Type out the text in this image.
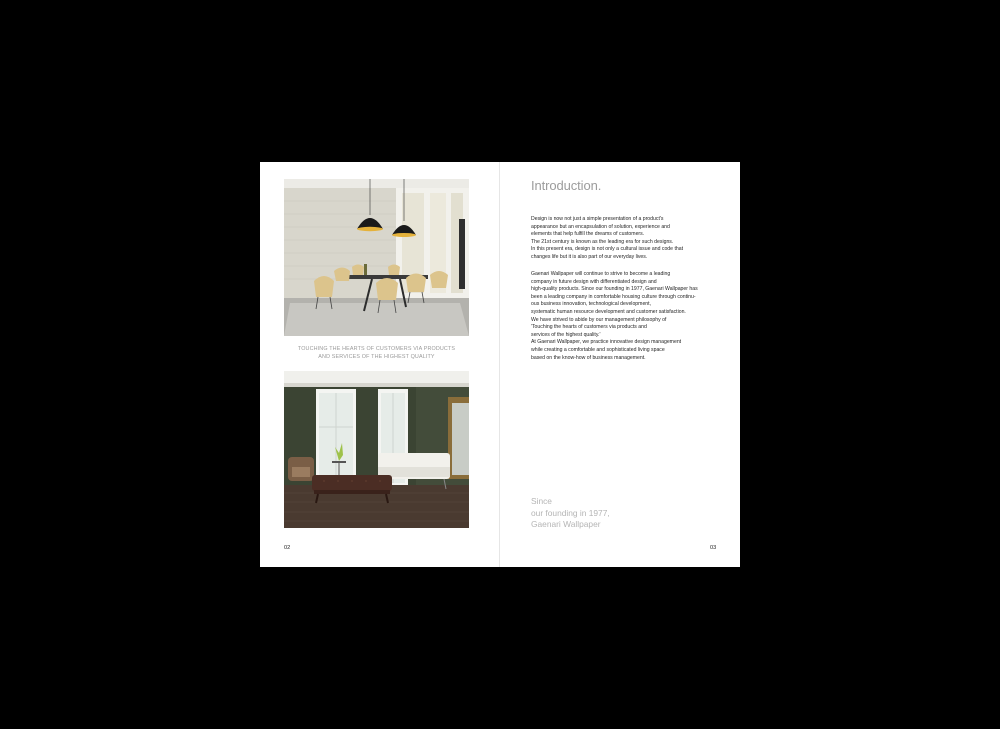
TOUCHING THE HEARTS OF CUSTOMERS VIA PRODUCTS
AND SERVICES OF THE HIGHEST QUALITY
02
Introduction.
Design is now not just a simple presentation of a product's
appearance but an encapsulation of solution, experience and
elements that help fulfill the dreams of customers.
The 21st century is known as the leading era for such designs.
In this present era, design is not only a cultural issue and code that
changes life but it is also part of our everyday lives.
Gaenari Wallpaper will continue to strive to become a leading
company in future design with differentiated design and
high-quality products. Since our founding in 1977, Gaenari Wallpaper has
been a leading company in comfortable housing culture through continu-
ous business innovation, technological development,
systematic human resource development and customer satisfaction.
We have strived to abide by our management philosophy of
'Touching the hearts of customers via products and
services of the highest quality.'
At Gaenari Wallpaper, we practice innovative design management
while creating a comfortable and sophisticated living space
based on the know-how of business management.
Since
our founding in 1977,
Gaenari Wallpaper
03
